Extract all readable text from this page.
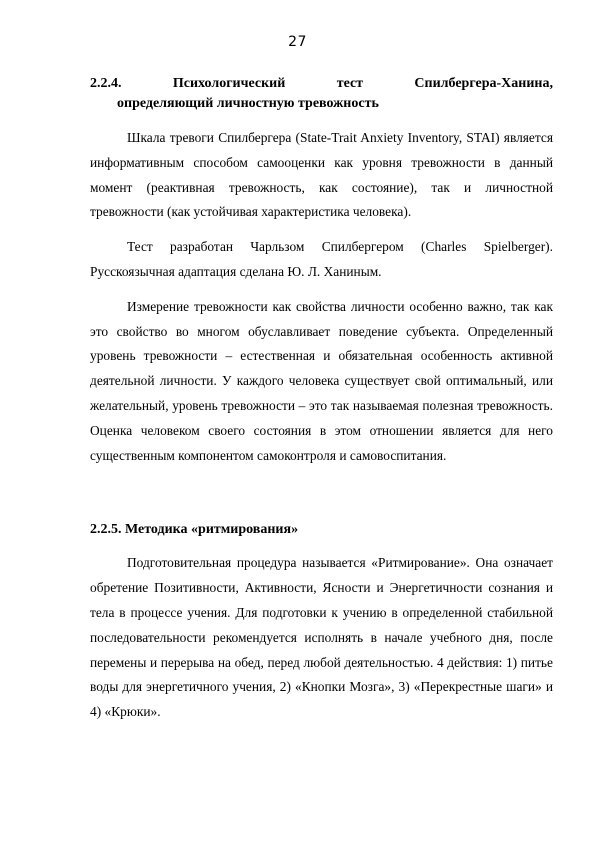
27
2.2.4. Психологический тест Спилбергера-Ханина,
определяющий личностную тревожность

Шкала тревоги Спилбергера (State-Trait Anxiety Inventory, STAI) является информативным способом самооценки как уровня тревожности в данный момент (реактивная тревожность, как состояние), так и личностной тревожности (как устойчивая характеристика человека).

Тест разработан Чарльзом Спилбергером (Charles Spielberger). Русскоязычная адаптация сделана Ю. Л. Ханиным.

Измерение тревожности как свойства личности особенно важно, так как это свойство во многом обуславливает поведение субъекта. Определенный уровень тревожности – естественная и обязательная особенность активной деятельной личности. У каждого человека существует свой оптимальный, или желательный, уровень тревожности – это так называемая полезная тревожность. Оценка человеком своего состояния в этом отношении является для него существенным компонентом самоконтроля и самовоспитания.

2.2.5. Методика «ритмирования»

Подготовительная процедура называется «Ритмирование». Она означает обретение Позитивности, Активности, Ясности и Энергетичности сознания и тела в процессе учения. Для подготовки к учению в определенной стабильной последовательности рекомендуется исполнять в начале учебного дня, после перемены и перерыва на обед, перед любой деятельностью. 4 действия: 1) питье воды для энергетичного учения, 2) «Кнопки Мозга», 3) «Перекрестные шаги» и 4) «Крюки».
